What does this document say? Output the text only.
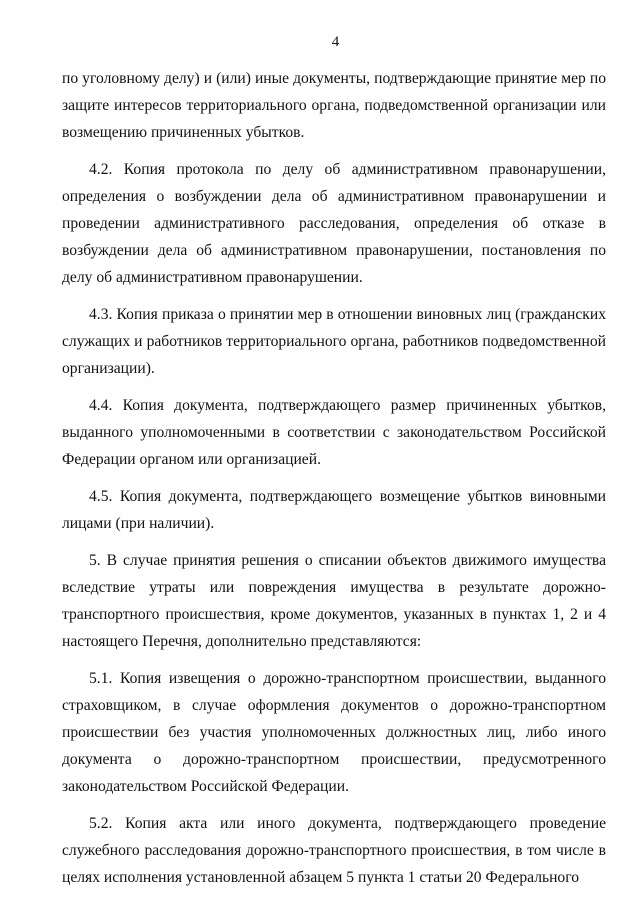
4

по уголовному делу) и (или) иные документы, подтверждающие принятие мер по защите интересов территориального органа, подведомственной организации или возмещению причиненных убытков.

4.2. Копия протокола по делу об административном правонарушении, определения о возбуждении дела об административном правонарушении и проведении административного расследования, определения об отказе в возбуждении дела об административном правонарушении, постановления по делу об административном правонарушении.

4.3. Копия приказа о принятии мер в отношении виновных лиц (гражданских служащих и работников территориального органа, работников подведомственной организации).

4.4. Копия документа, подтверждающего размер причиненных убытков, выданного уполномоченными в соответствии с законодательством Российской Федерации органом или организацией.

4.5. Копия документа, подтверждающего возмещение убытков виновными лицами (при наличии).

5. В случае принятия решения о списании объектов движимого имущества вследствие утраты или повреждения имущества в результате дорожно-транспортного происшествия, кроме документов, указанных в пунктах 1, 2 и 4 настоящего Перечня, дополнительно представляются:

5.1. Копия извещения о дорожно-транспортном происшествии, выданного страховщиком, в случае оформления документов о дорожно-транспортном происшествии без участия уполномоченных должностных лиц, либо иного документа о дорожно-транспортном происшествии, предусмотренного законодательством Российской Федерации.

5.2. Копия акта или иного документа, подтверждающего проведение служебного расследования дорожно-транспортного происшествия, в том числе в целях исполнения установленной абзацем 5 пункта 1 статьи 20 Федерального
